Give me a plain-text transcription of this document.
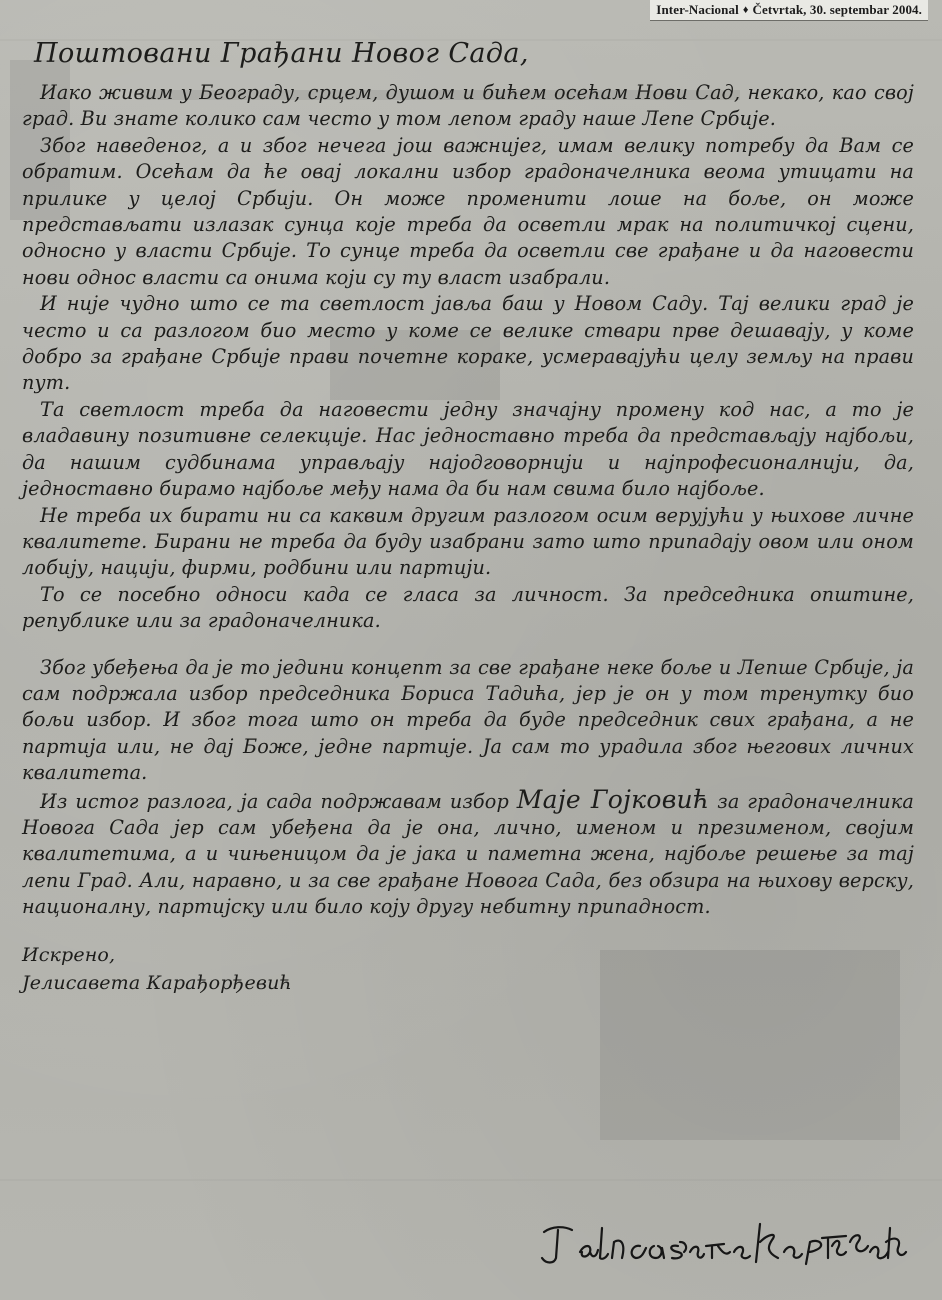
Inter-Nacional ♦ Četvrtak, 30. septembar 2004.
Поштовани Грађани Новог Сада,

Иако живим у Београду, срцем, душом и бићем осећам Нови Сад, некако, као свој град. Ви знате колико сам често у том лепом граду наше Лепе Србије.

Због наведеног, а и због нечега још важнијег, имам велику потребу да Вам се обратим. Осећам да ће овај локални избор градоначелника веома утицати на прилике у целој Србији. Он може променити лоше на боље, он може представљати излазак сунца које треба да осветли мрак на политичкој сцени, односно у власти Србије. То сунце треба да осветли све грађане и да наговести нови однос власти са онима који су ту власт изабрали.

И није чудно што се та светлост јавља баш у Новом Саду. Тај велики град је често и са разлогом био место у коме се велике ствари прве дешавају, у коме добро за грађане Србије прави почетне кораке, усмеравајући целу земљу на прави пут.

Та светлост треба да наговести једну значајну промену код нас, а то је владавину позитивне селекције. Нас једноставно треба да представљају најбољи, да нашим судбинама управљају најодговорнији и најпрофесионалнији, да, једноставно бирамо најбоље међу нама да би нам свима било најбоље.

Не треба их бирати ни са каквим другим разлогом осим верујући у њихове личне квалитете. Бирани не треба да буду изабрани зато што припадају овом или оном лобију, нацији, фирми, родбини или партији.

То се посебно односи када се гласа за личност. За председника општине, републике или за градоначелника.

Због убеђења да је то једини концепт за све грађане неке боље и Лепше Србије, ја сам подржала избор председника Бориса Тадића, јер је он у том тренутку био бољи избор. И због тога што он треба да буде председник свих грађана, а не партија или, не дај Боже, једне партије. Ја сам то урадила због његових личних квалитета.

Из истог разлога, ја сада подржавам избор Маје Гојковић за градоначелника Новога Сада јер сам убеђена да је она, лично, именом и презименом, својим квалитетима, а и чињеницом да је јака и паметна жена, најбоље решење за тај лепи Град. Али, наравно, и за све грађане Новога Сада, без обзира на њихову верску, националну, партијску или било коју другу небитну припадност.

Искрено,
Јелисавета Карађорђевић
